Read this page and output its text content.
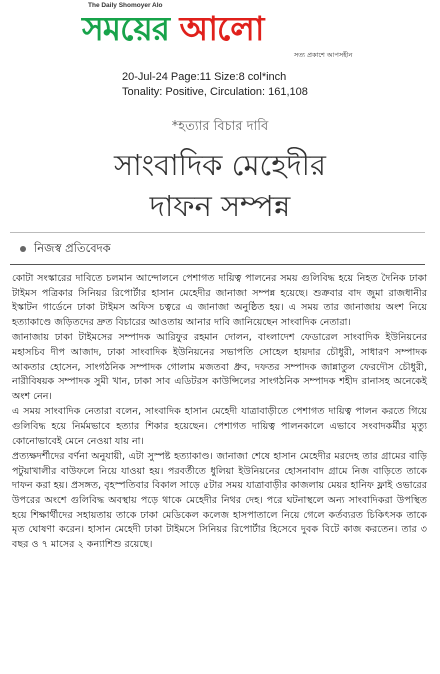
The Daily Shomoyer Alo
সময়ের আলো
সত্য প্রকাশে আপসহীন
20-Jul-24 Page:11 Size:8 col*inch
Tonality: Positive, Circulation: 161,108
*হত্যার বিচার দাবি
সাংবাদিক মেহেদীর
দাফন সম্পন্ন
নিজস্ব প্রতিবেদক

কোটা সংস্কারের দাবিতে চলমান আন্দোলনে পেশাগত দায়িত্ব পালনের সময় গুলিবিদ্ধ হয়ে নিহত দৈনিক ঢাকা টাইমস পত্রিকার সিনিয়র রিপোর্টার হাসান মেহেদীর জানাজা সম্পন্ন হয়েছে। শুক্রবার বাদ জুমা রাজধানীর ইস্কাটন গার্ডেনে ঢাকা টাইমস অফিস চত্বরে এ জানাজা অনুষ্ঠিত হয়। এ সময় তার জানাজায় অংশ নিয়ে হত্যাকাণ্ডে জড়িতদের দ্রুত বিচারের আওতায় আনার দাবি জানিয়েছেন সাংবাদিক নেতারা।

জানাজায় ঢাকা টাইমসের সম্পাদক আরিফুর রহমান দোলন, বাংলাদেশ ফেডারেল সাংবাদিক ইউনিয়নের মহাসচিব দীপ আজাদ, ঢাকা সাংবাদিক ইউনিয়নের সভাপতি সোহেল হায়দার চৌধুরী, সাধারণ সম্পাদক আকতার হোসেন, সাংগঠনিক সম্পাদক গোলাম মজতবা ধ্রুব, দফতর সম্পাদক জান্নাতুল ফেরদৌস চৌধুরী, নারীবিষয়ক সম্পাদক সুমী খান, ঢাকা সাব এডিটরস কাউন্সিলের সাংগঠনিক সম্পাদক শহীদ রানাসহ অনেকেই অংশ নেন।

এ সময় সাংবাদিক নেতারা বলেন, সাংবাদিক হাসান মেহেদী যাত্রাবাড়ীতে পেশাগত দায়িত্ব পালন করতে গিয়ে গুলিবিদ্ধ হয়ে নির্মমভাবে হত্যার শিকার হয়েছেন। পেশাগত দায়িত্ব পালনকালে এভাবে সংবাদকর্মীর মৃত্যু কোনোভাবেই মেনে নেওয়া যায় না।

প্রত্যক্ষদর্শীদের বর্ণনা অনুযায়ী, এটা সুস্পষ্ট হত্যাকাণ্ড। জানাজা শেষে হাসান মেহেদীর মরদেহ তার গ্রামের বাড়ি পটুয়াখালীর বাউফলে নিয়ে যাওয়া হয়। পরবর্তীতে ধুলিয়া ইউনিয়নের হোসনাবাদ গ্রামে নিজ বাড়িতে তাকে দাফন করা হয়। প্রসঙ্গত, বৃহস্পতিবার বিকাল সাড়ে ৫টার সময় যাত্রাবাড়ীর কাজলায় মেয়র হানিফ ফ্লাই ওভারের উপরের অংশে গুলিবিদ্ধ অবস্থায় পড়ে থাকে মেহেদীর নিথর দেহ। পরে ঘটনাস্থলে অন্য সাংবাদিকরা উপস্থিত হয়ে শিক্ষার্থীদের সহায়তায় তাকে ঢাকা মেডিকেল কলেজ হাসপাতালে নিয়ে গেলে কর্তব্যরত চিকিৎসক তাকে মৃত ঘোষণা করেন। হাসান মেহেদী ঢাকা টাইমসে সিনিয়র রিপোর্টার হিসেবে দুবক বিটে কাজ করতেন। তার ৩ বছর ও ৭ মাসের ২ কন্যাশিশু রয়েছে।
